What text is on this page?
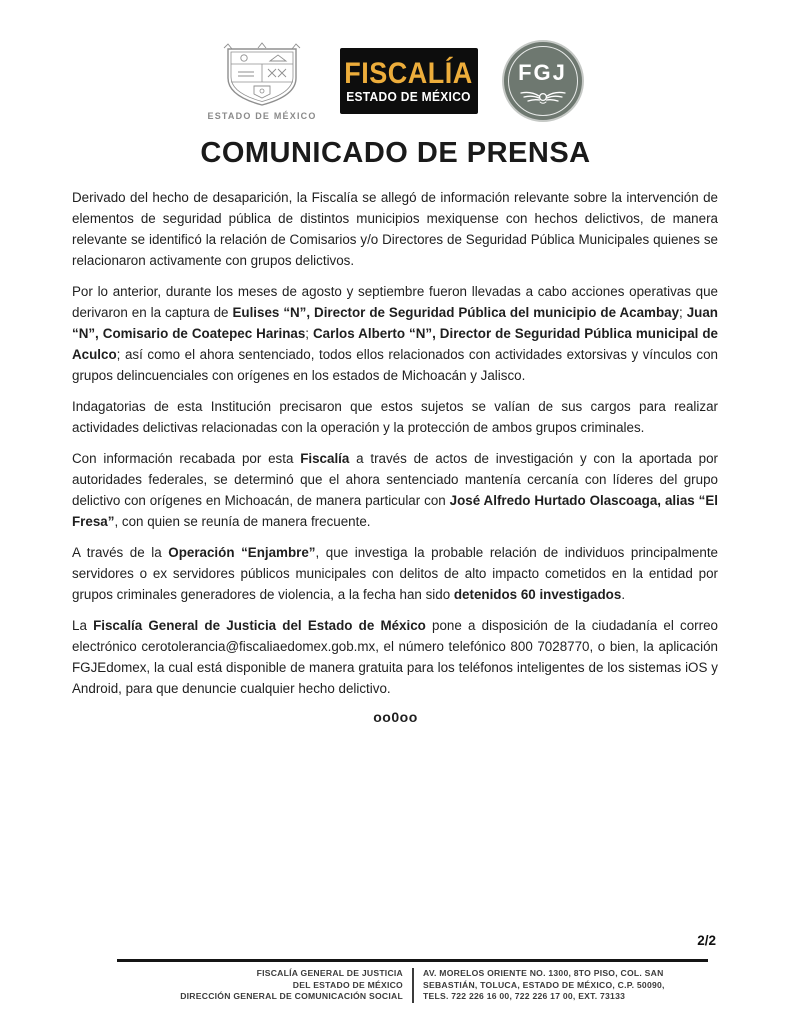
ESTADO DE MÉXICO
FISCALÍA
ESTADO DE MÉXICO
FGJ
COMUNICADO DE PRENSA

Derivado del hecho de desaparición, la Fiscalía se allegó de información relevante sobre la intervención de elementos de seguridad pública de distintos municipios mexiquense con hechos delictivos, de manera relevante se identificó la relación de Comisarios y/o Directores de Seguridad Pública Municipales quienes se relacionaron activamente con grupos delictivos.

Por lo anterior, durante los meses de agosto y septiembre fueron llevadas a cabo acciones operativas que derivaron en la captura de Eulises “N”, Director de Seguridad Pública del municipio de Acambay; Juan “N”, Comisario de Coatepec Harinas; Carlos Alberto “N”, Director de Seguridad Pública municipal de Aculco; así como el ahora sentenciado, todos ellos relacionados con actividades extorsivas y vínculos con grupos delincuenciales con orígenes en los estados de Michoacán y Jalisco.

Indagatorias de esta Institución precisaron que estos sujetos se valían de sus cargos para realizar actividades delictivas relacionadas con la operación y la protección de ambos grupos criminales.

Con información recabada por esta Fiscalía a través de actos de investigación y con la aportada por autoridades federales, se determinó que el ahora sentenciado mantenía cercanía con líderes del grupo delictivo con orígenes en Michoacán, de manera particular con José Alfredo Hurtado Olascoaga, alias “El Fresa”, con quien se reunía de manera frecuente.

A través de la Operación “Enjambre”, que investiga la probable relación de individuos principalmente servidores o ex servidores públicos municipales con delitos de alto impacto cometidos en la entidad por grupos criminales generadores de violencia, a la fecha han sido detenidos 60 investigados.

La Fiscalía General de Justicia del Estado de México pone a disposición de la ciudadanía el correo electrónico cerotolerancia@fiscaliaedomex.gob.mx, el número telefónico 800 7028770, o bien, la aplicación FGJEdomex, la cual está disponible de manera gratuita para los teléfonos inteligentes de los sistemas iOS y Android, para que denuncie cualquier hecho delictivo.

oo0oo
2/2
FISCALÍA GENERAL DE JUSTICIA
DEL ESTADO DE MÉXICO
DIRECCIÓN GENERAL DE COMUNICACIÓN SOCIAL
AV. MORELOS ORIENTE NO. 1300, 8TO PISO, COL. SAN
SEBASTIÁN, TOLUCA, ESTADO DE MÉXICO, C.P. 50090,
TELS. 722 226 16 00, 722 226 17 00, EXT. 73133
